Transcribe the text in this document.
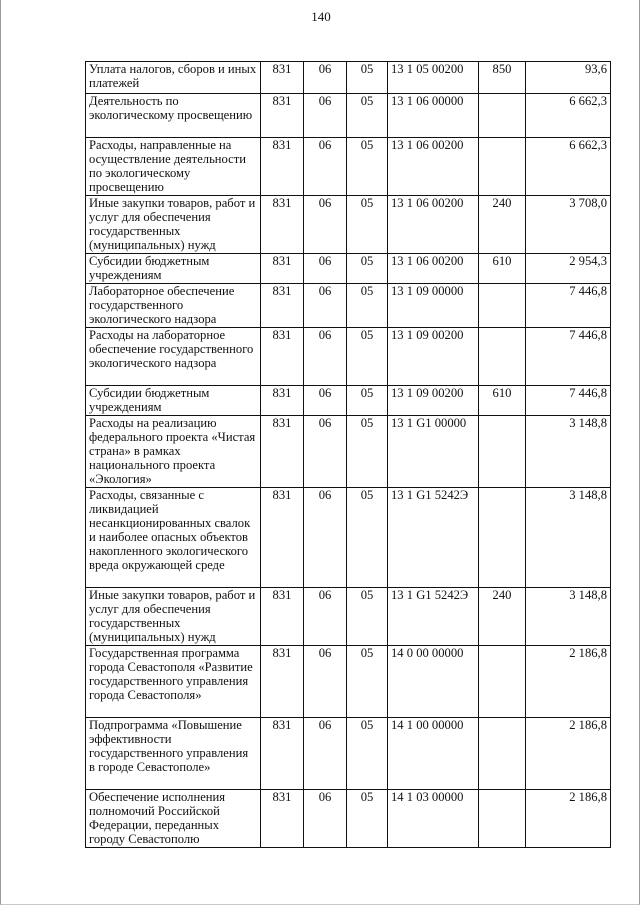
140
Уплата налогов, сборов и иных платежей	831	06	05	13 1 05 00200	850	93,6
Деятельность по экологическому просвещению	831	06	05	13 1 06 00000		6 662,3
Расходы, направленные на осуществление деятельности по экологическому просвещению	831	06	05	13 1 06 00200		6 662,3
Иные закупки товаров, работ и услуг для обеспечения государственных (муниципальных) нужд	831	06	05	13 1 06 00200	240	3 708,0
Субсидии бюджетным учреждениям	831	06	05	13 1 06 00200	610	2 954,3
Лабораторное обеспечение государственного экологического надзора	831	06	05	13 1 09 00000		7 446,8
Расходы на лабораторное обеспечение государственного экологического надзора	831	06	05	13 1 09 00200		7 446,8
Субсидии бюджетным учреждениям	831	06	05	13 1 09 00200	610	7 446,8
Расходы на реализацию федерального проекта «Чистая страна» в рамках национального проекта «Экология»	831	06	05	13 1 G1 00000		3 148,8
Расходы, связанные с ликвидацией несанкционированных свалок и наиболее опасных объектов накопленного экологического вреда окружающей среде	831	06	05	13 1 G1 5242Э		3 148,8
Иные закупки товаров, работ и услуг для обеспечения государственных (муниципальных) нужд	831	06	05	13 1 G1 5242Э	240	3 148,8
Государственная программа города Севастополя «Развитие государственного управления города Севастополя»	831	06	05	14 0 00 00000		2 186,8
Подпрограмма «Повышение эффективности государственного управления в городе Севастополе»	831	06	05	14 1 00 00000		2 186,8
Обеспечение исполнения полномочий Российской Федерации, переданных городу Севастополю	831	06	05	14 1 03 00000		2 186,8
